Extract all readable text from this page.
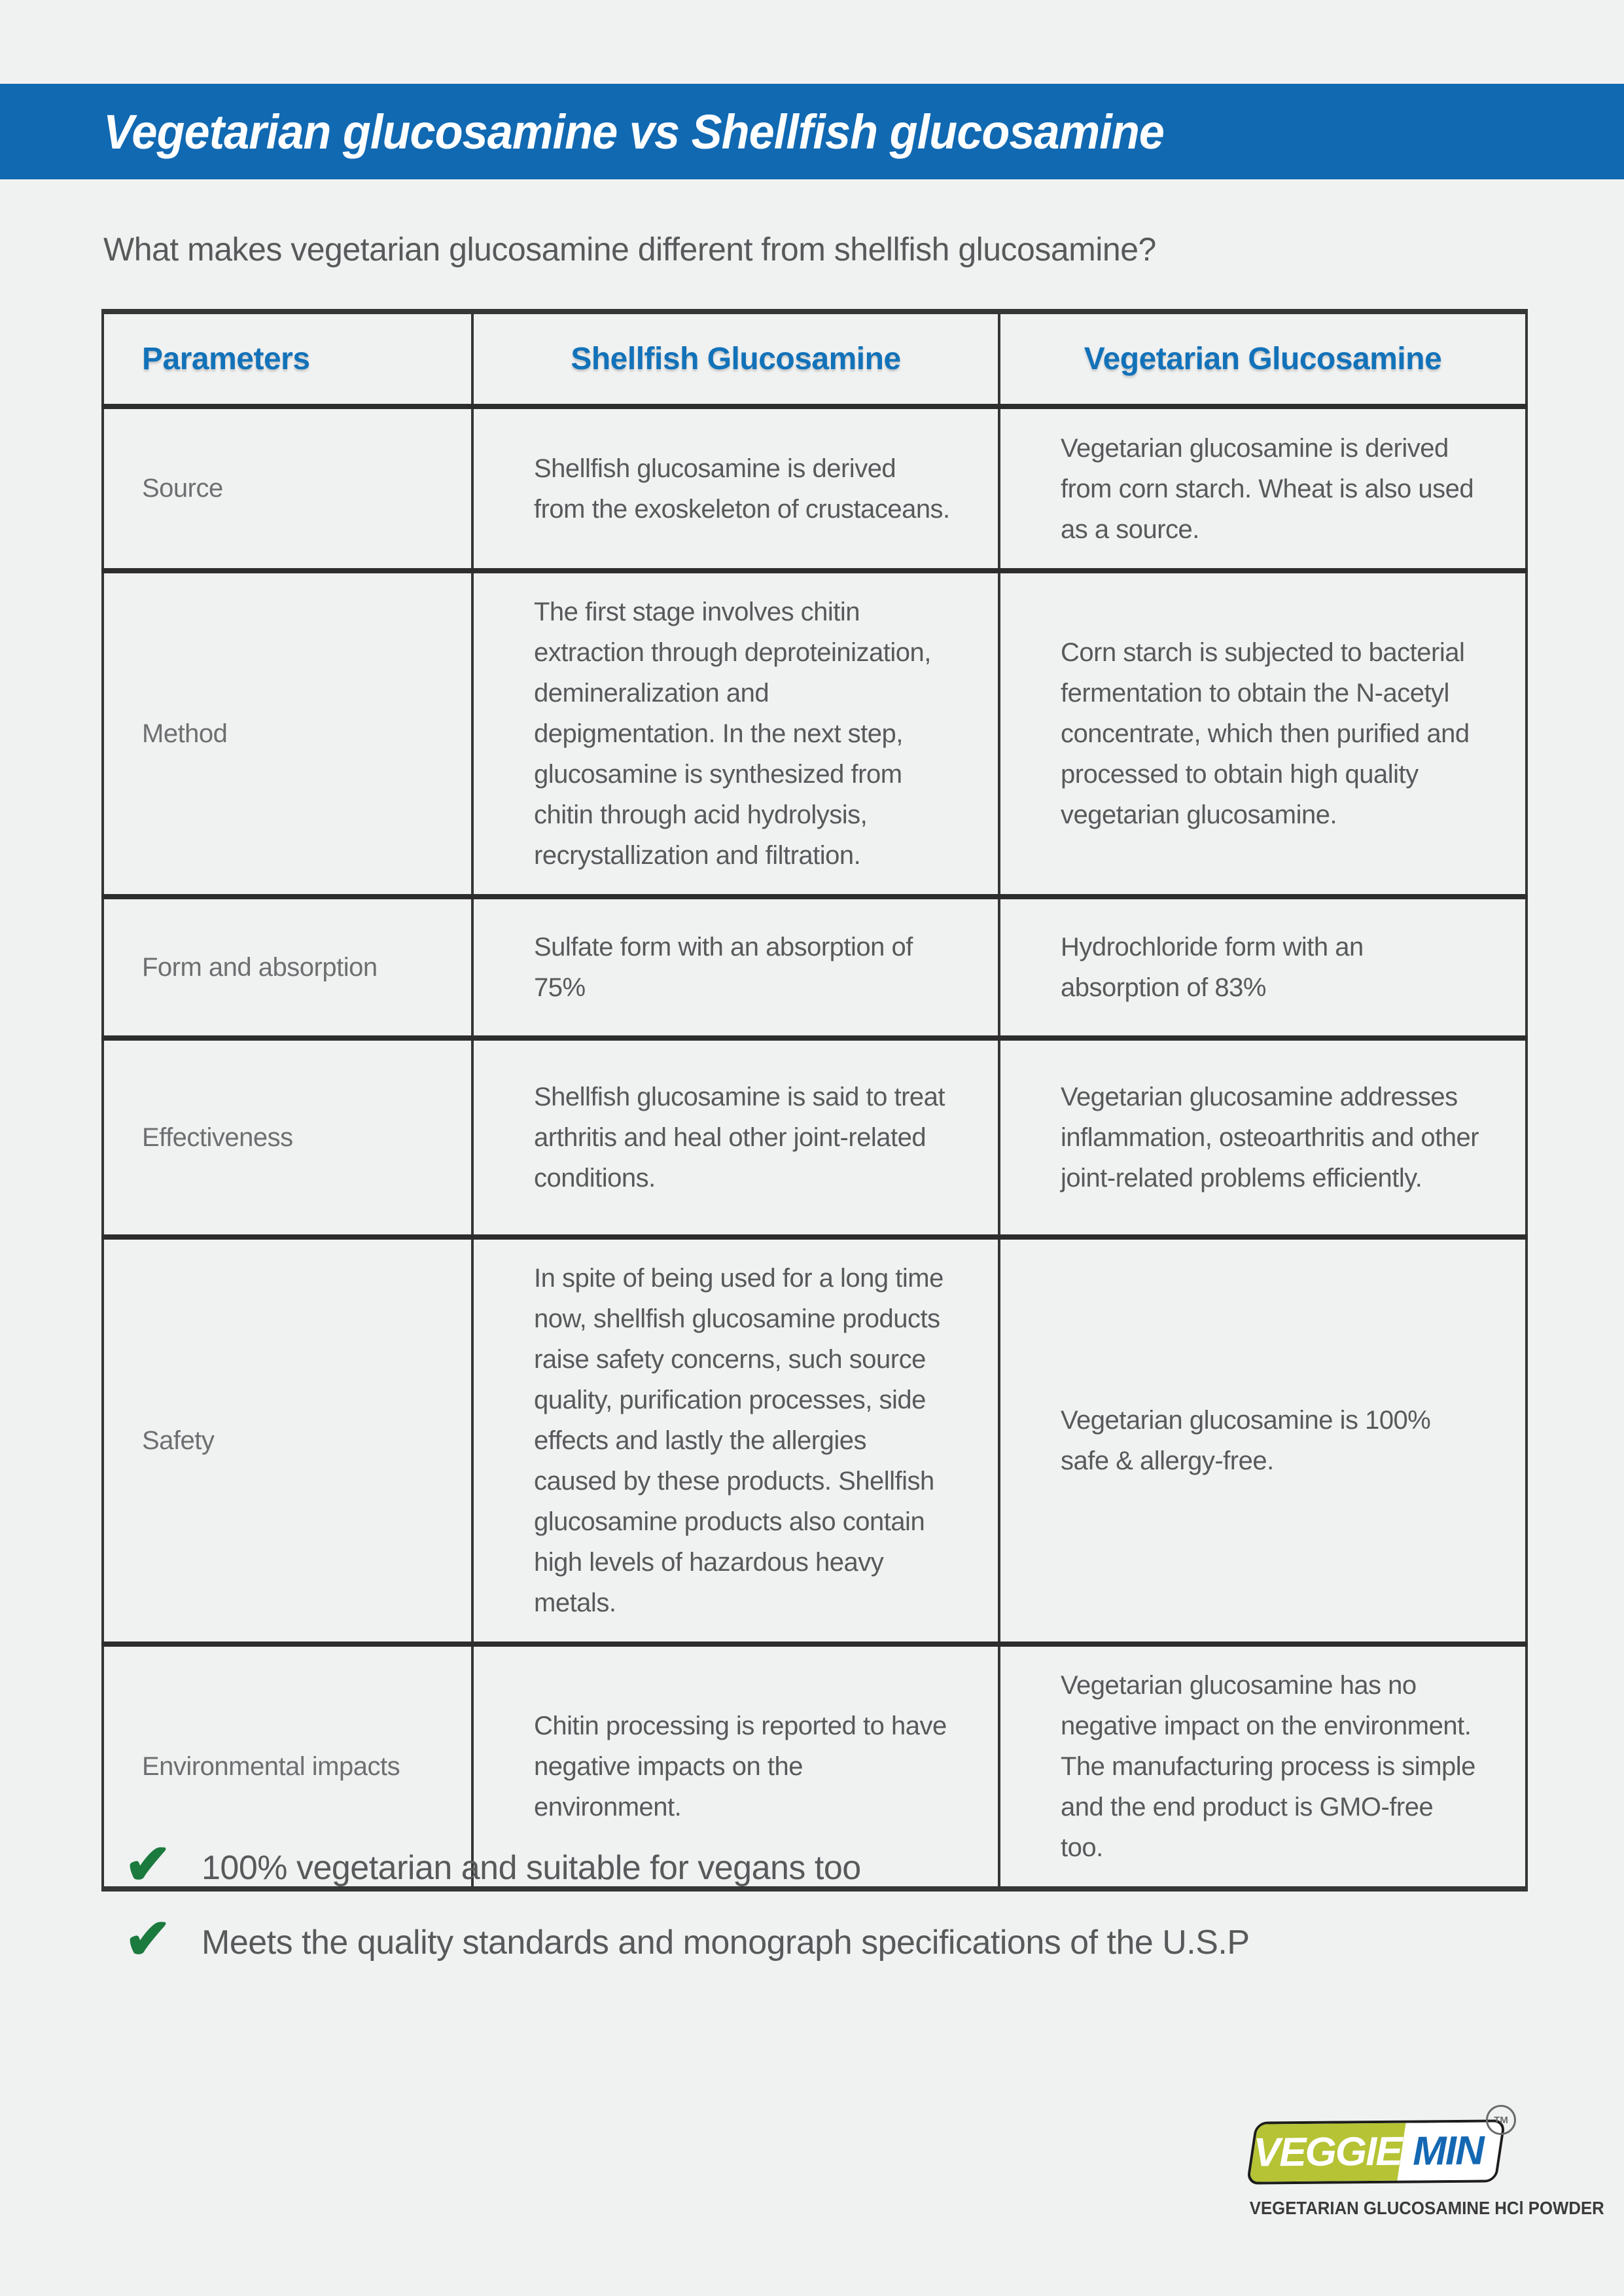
Vegetarian glucosamine vs Shellfish glucosamine
What makes vegetarian glucosamine different from shellfish glucosamine?
Parameters	Shellfish Glucosamine	Vegetarian Glucosamine
Source	Shellfish glucosamine is derived from the exoskeleton of crustaceans.	Vegetarian glucosamine is derived from corn starch. Wheat is also used as a source.
Method	The first stage involves chitin extraction through deproteinization, demineralization and depigmentation. In the next step, glucosamine is synthesized from chitin through acid hydrolysis, recrystallization and filtration.	Corn starch is subjected to bacterial fermentation to obtain the N-acetyl concentrate, which then purified and processed to obtain high quality vegetarian glucosamine.
Form and absorption	Sulfate form with an absorption of 75%	Hydrochloride form with an absorption of 83%
Effectiveness	Shellfish glucosamine is said to treat arthritis and heal other joint-related conditions.	Vegetarian glucosamine addresses inflammation, osteoarthritis and other joint-related problems efficiently.
Safety	In spite of being used for a long time now, shellfish glucosamine products raise safety concerns, such source quality, purification processes, side effects and lastly the allergies caused by these products. Shellfish glucosamine products also contain high levels of hazardous heavy metals.	Vegetarian glucosamine is 100% safe & allergy-free.
Environmental impacts	Chitin processing is reported to have negative impacts on the environment.	Vegetarian glucosamine has no negative impact on the environment. The manufacturing process is simple and the end product is GMO-free too.
✔ 100% vegetarian and suitable for vegans too
✔ Meets the quality standards and monograph specifications of the U.S.P
VEGGIE MIN
TM
VEGETARIAN GLUCOSAMINE HCl POWDER
